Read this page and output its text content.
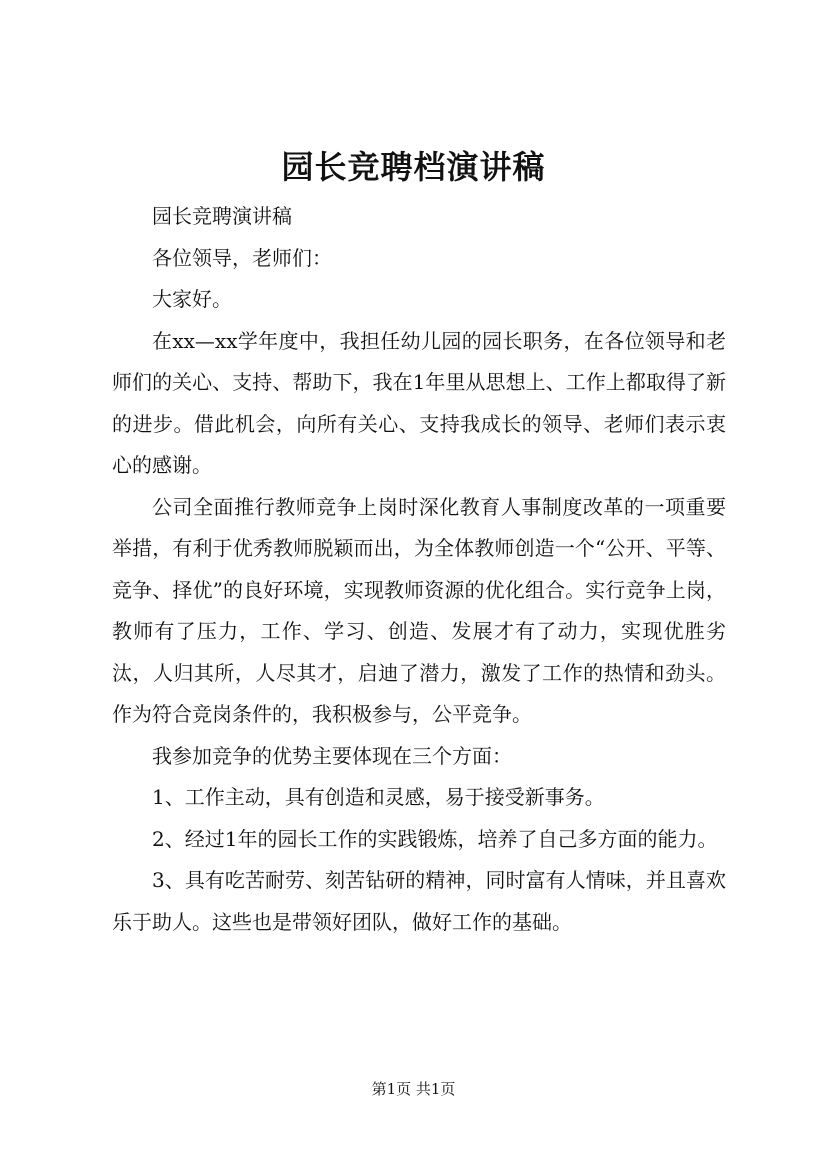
园长竞聘档演讲稿

园长竞聘演讲稿

各位领导，老师们：

大家好。

在xx—xx学年度中，我担任幼儿园的园长职务，在各位领导和老师们的关心、支持、帮助下，我在1年里从思想上、工作上都取得了新的进步。借此机会，向所有关心、支持我成长的领导、老师们表示衷心的感谢。

公司全面推行教师竞争上岗时深化教育人事制度改革的一项重要举措，有利于优秀教师脱颖而出，为全体教师创造一个“公开、平等、竞争、择优”的良好环境，实现教师资源的优化组合。实行竞争上岗，教师有了压力，工作、学习、创造、发展才有了动力，实现优胜劣汰，人归其所，人尽其才，启迪了潜力，激发了工作的热情和劲头。作为符合竞岗条件的，我积极参与，公平竞争。

我参加竞争的优势主要体现在三个方面：

1、工作主动，具有创造和灵感，易于接受新事务。

2、经过1年的园长工作的实践锻炼，培养了自己多方面的能力。

3、具有吃苦耐劳、刻苦钻研的精神，同时富有人情味，并且喜欢乐于助人。这些也是带领好团队，做好工作的基础。

第1页 共1页
